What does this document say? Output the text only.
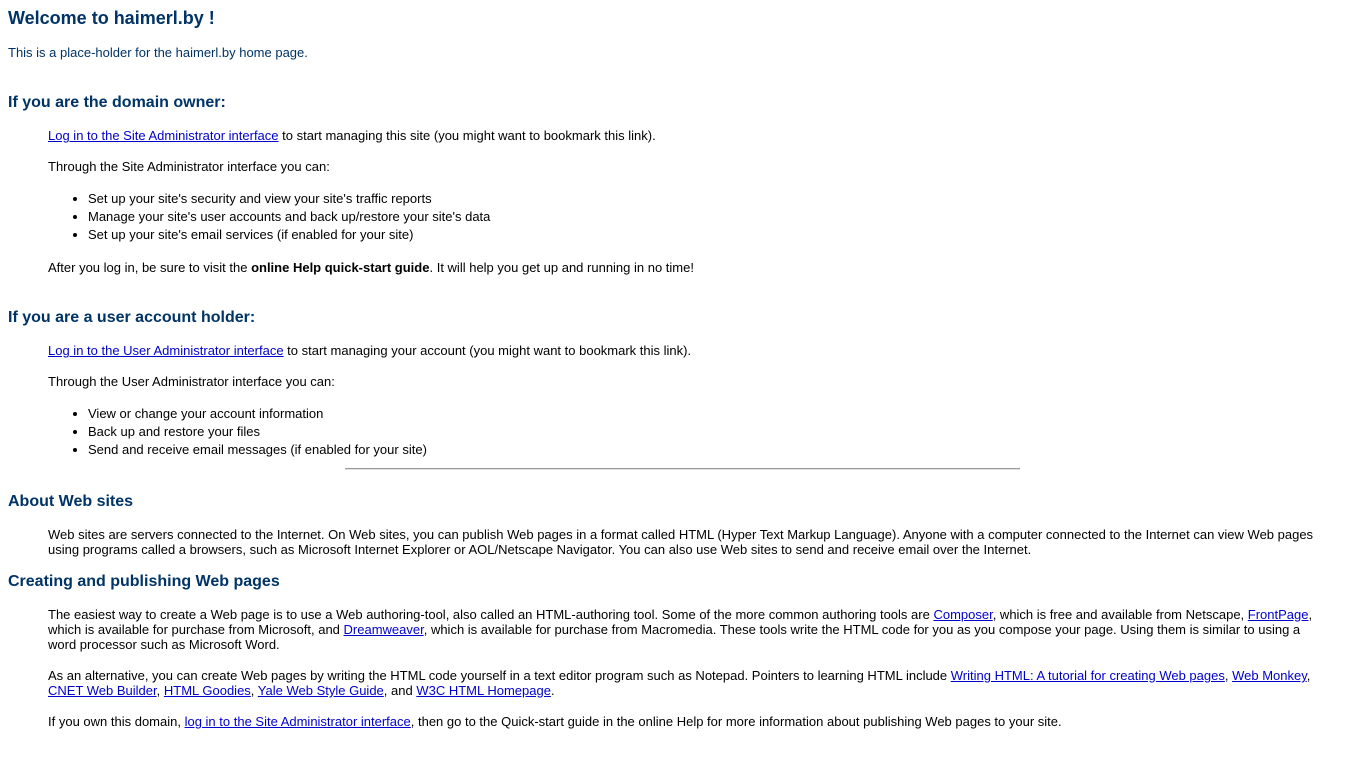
Welcome to haimerl.by !

This is a place-holder for the haimerl.by home page.

If you are the domain owner:

Log in to the Site Administrator interface to start managing this site (you might want to bookmark this link).

Through the Site Administrator interface you can:

• Set up your site's security and view your site's traffic reports
• Manage your site's user accounts and back up/restore your site's data
• Set up your site's email services (if enabled for your site)

After you log in, be sure to visit the online Help quick-start guide. It will help you get up and running in no time!

If you are a user account holder:

Log in to the User Administrator interface to start managing your account (you might want to bookmark this link).

Through the User Administrator interface you can:

• View or change your account information
• Back up and restore your files
• Send and receive email messages (if enabled for your site)
About Web sites

Web sites are servers connected to the Internet. On Web sites, you can publish Web pages in a format called HTML (Hyper Text Markup Language). Anyone with a computer connected to the Internet can view Web pages using programs called a browsers, such as Microsoft Internet Explorer or AOL/Netscape Navigator. You can also use Web sites to send and receive email over the Internet.

Creating and publishing Web pages

The easiest way to create a Web page is to use a Web authoring-tool, also called an HTML-authoring tool. Some of the more common authoring tools are Composer, which is free and available from Netscape, FrontPage, which is available for purchase from Microsoft, and Dreamweaver, which is available for purchase from Macromedia. These tools write the HTML code for you as you compose your page. Using them is similar to using a word processor such as Microsoft Word.

As an alternative, you can create Web pages by writing the HTML code yourself in a text editor program such as Notepad. Pointers to learning HTML include Writing HTML: A tutorial for creating Web pages, Web Monkey, CNET Web Builder, HTML Goodies, Yale Web Style Guide, and W3C HTML Homepage.

If you own this domain, log in to the Site Administrator interface, then go to the Quick-start guide in the online Help for more information about publishing Web pages to your site.
